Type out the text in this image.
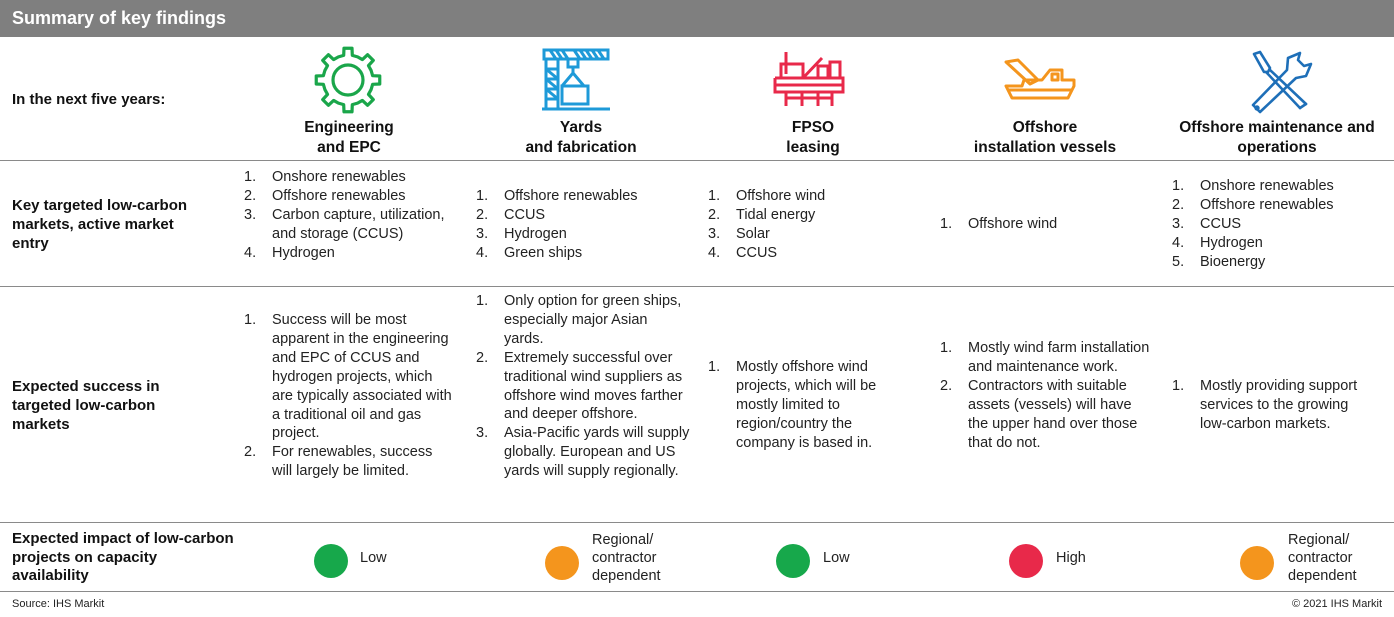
Summary of key findings
In the next five years:
Key targeted low-carbon markets, active market entry
Expected success in targeted low-carbon markets
Expected impact of low-carbon projects on capacity availability
Engineering
and EPC
Yards
and fabrication
FPSO
leasing
Offshore
installation vessels
Offshore maintenance and
operations
1. Onshore renewables
2. Offshore renewables
3. Carbon capture, utilization, and storage (CCUS)
4. Hydrogen
1. Offshore renewables
2. CCUS
3. Hydrogen
4. Green ships
1. Offshore wind
2. Tidal energy
3. Solar
4. CCUS
1. Offshore wind
1. Onshore renewables
2. Offshore renewables
3. CCUS
4. Hydrogen
5. Bioenergy
1. Success will be most apparent in the engineering and EPC of CCUS and hydrogen projects, which are typically associated with a traditional oil and gas project.
2. For renewables, success will largely be limited.
1. Only option for green ships, especially major Asian yards.
2. Extremely successful over traditional wind suppliers as offshore wind moves farther and deeper offshore.
3. Asia-Pacific yards will supply globally. European and US yards will supply regionally.
1. Mostly offshore wind projects, which will be mostly limited to region/country the company is based in.
1. Mostly wind farm installation and maintenance work.
2. Contractors with suitable assets (vessels) will have the upper hand over those that do not.
1. Mostly providing support services to the growing low-carbon markets.
Low
Regional/ contractor dependent
Low	High
Regional/ contractor dependent
Source: IHS Markit	© 2021 IHS Markit
